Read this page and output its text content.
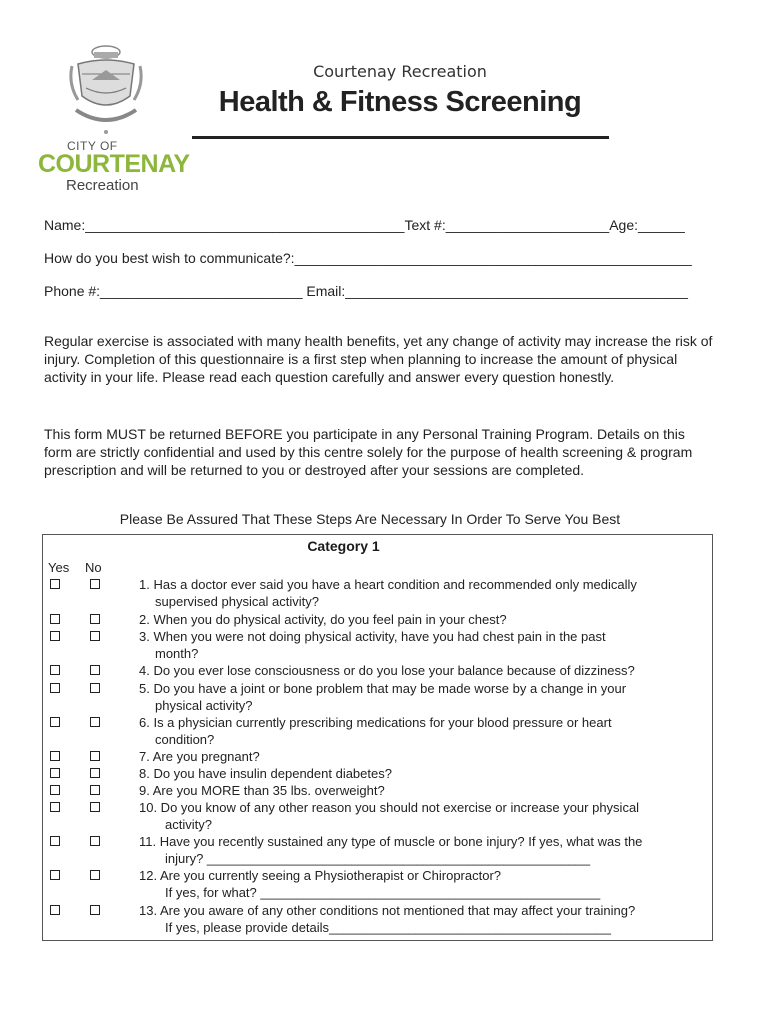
CITY OF
COURTENAY
Recreation
Courtenay Recreation
Health & Fitness Screening
Name:_________________________________________Text #:_____________________Age:______
How do you best wish to communicate?:___________________________________________________
Phone #:__________________________ Email:____________________________________________
Regular exercise is associated with many health benefits, yet any change of activity may increase the risk of injury. Completion of this questionnaire is a first step when planning to increase the amount of physical activity in your life. Please read each question carefully and answer every question honestly.
This form MUST be returned BEFORE you participate in any Personal Training Program. Details on this form are strictly confidential and used by this centre solely for the purpose of health screening & program prescription and will be returned to you or destroyed after your sessions are completed.
Please Be Assured That These Steps Are Necessary In Order To Serve You Best
Category 1
Yes No
1. Has a doctor ever said you have a heart condition and recommended only medically
supervised physical activity?
2. When you do physical activity, do you feel pain in your chest?
3. When you were not doing physical activity, have you had chest pain in the past
month?
4. Do you ever lose consciousness or do you lose your balance because of dizziness?
5. Do you have a joint or bone problem that may be made worse by a change in your
physical activity?
6. Is a physician currently prescribing medications for your blood pressure or heart
condition?
7. Are you pregnant?
8. Do you have insulin dependent diabetes?
9. Are you MORE than 35 lbs. overweight?
10. Do you know of any other reason you should not exercise or increase your physical
activity?
11. Have you recently sustained any type of muscle or bone injury? If yes, what was the
injury? _____________________________________________________
12. Are you currently seeing a Physiotherapist or Chiropractor?
If yes, for what? _______________________________________________
13. Are you aware of any other conditions not mentioned that may affect your training?
If yes, please provide details_______________________________________
